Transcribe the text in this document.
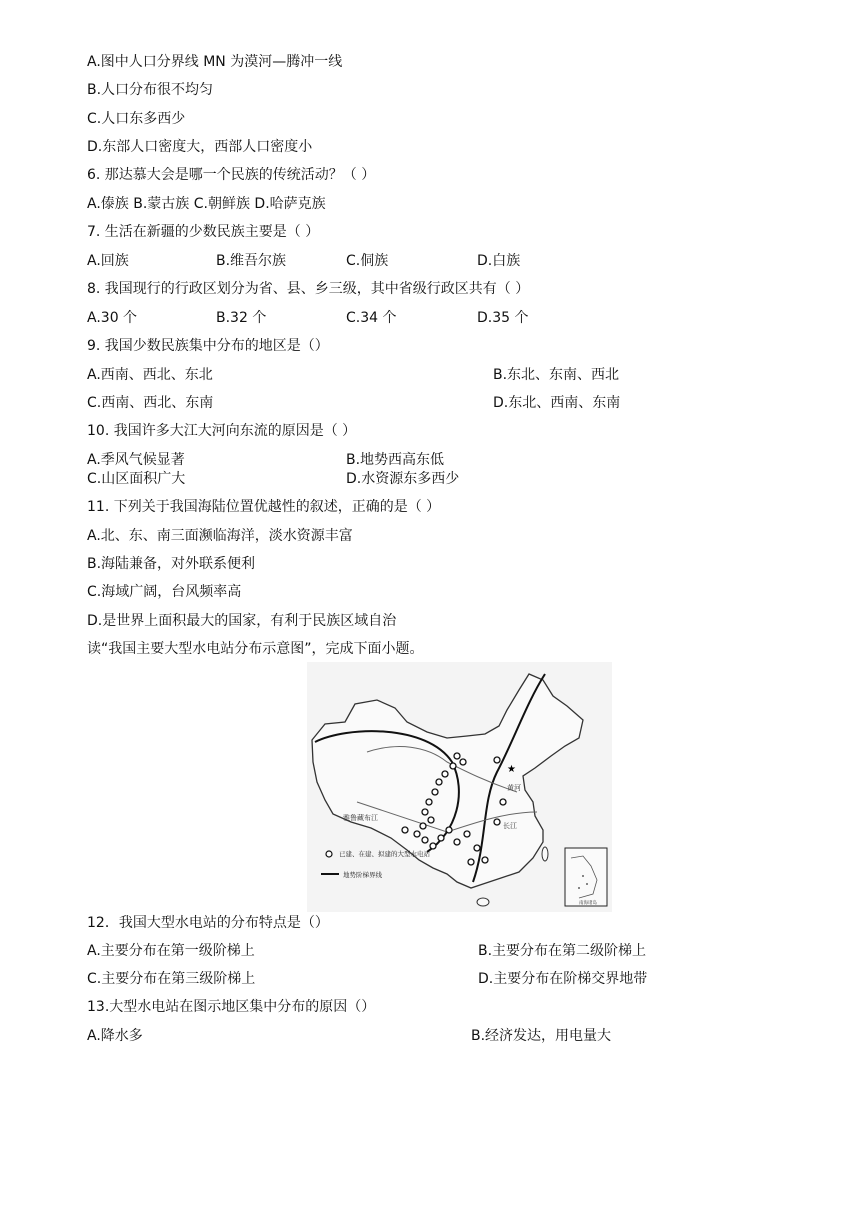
A.图中人口分界线 MN 为漠河—腾冲一线
B.人口分布很不均匀
C.人口东多西少
D.东部人口密度大，西部人口密度小
6. 那达慕大会是哪一个民族的传统活动？（ ）
A.傣族 B.蒙古族 C.朝鲜族 D.哈萨克族
7. 生活在新疆的少数民族主要是（ ）
A.回族	B.维吾尔族	C.侗族	D.白族
8. 我国现行的行政区划分为省、县、乡三级，其中省级行政区共有（ ）
A.30 个	B.32 个	C.34 个	D.35 个
9. 我国少数民族集中分布的地区是（）
A.西南、西北、东北	B.东北、东南、西北
C.西南、西北、东南	D.东北、西南、东南
10. 我国许多大江大河向东流的原因是（ ）
A.季风气候显著	B.地势西高东低
C.山区面积广大	D.水资源东多西少
11. 下列关于我国海陆位置优越性的叙述，正确的是（ ）
A.北、东、南三面濒临海洋，淡水资源丰富
B.海陆兼备，对外联系便利
C.海域广阔，台风频率高
D.是世界上面积最大的国家，有利于民族区域自治
读“我国主要大型水电站分布示意图”，完成下面小题。
★
雅鲁藏布江
黄河
长江
已建、在建、拟建的大型水电站
地势阶梯界线
南海诸岛
12．我国大型水电站的分布特点是（）
A.主要分布在第一级阶梯上	B.主要分布在第二级阶梯上
C.主要分布在第三级阶梯上	D.主要分布在阶梯交界地带
13.大型水电站在图示地区集中分布的原因（）
A.降水多	B.经济发达，用电量大
